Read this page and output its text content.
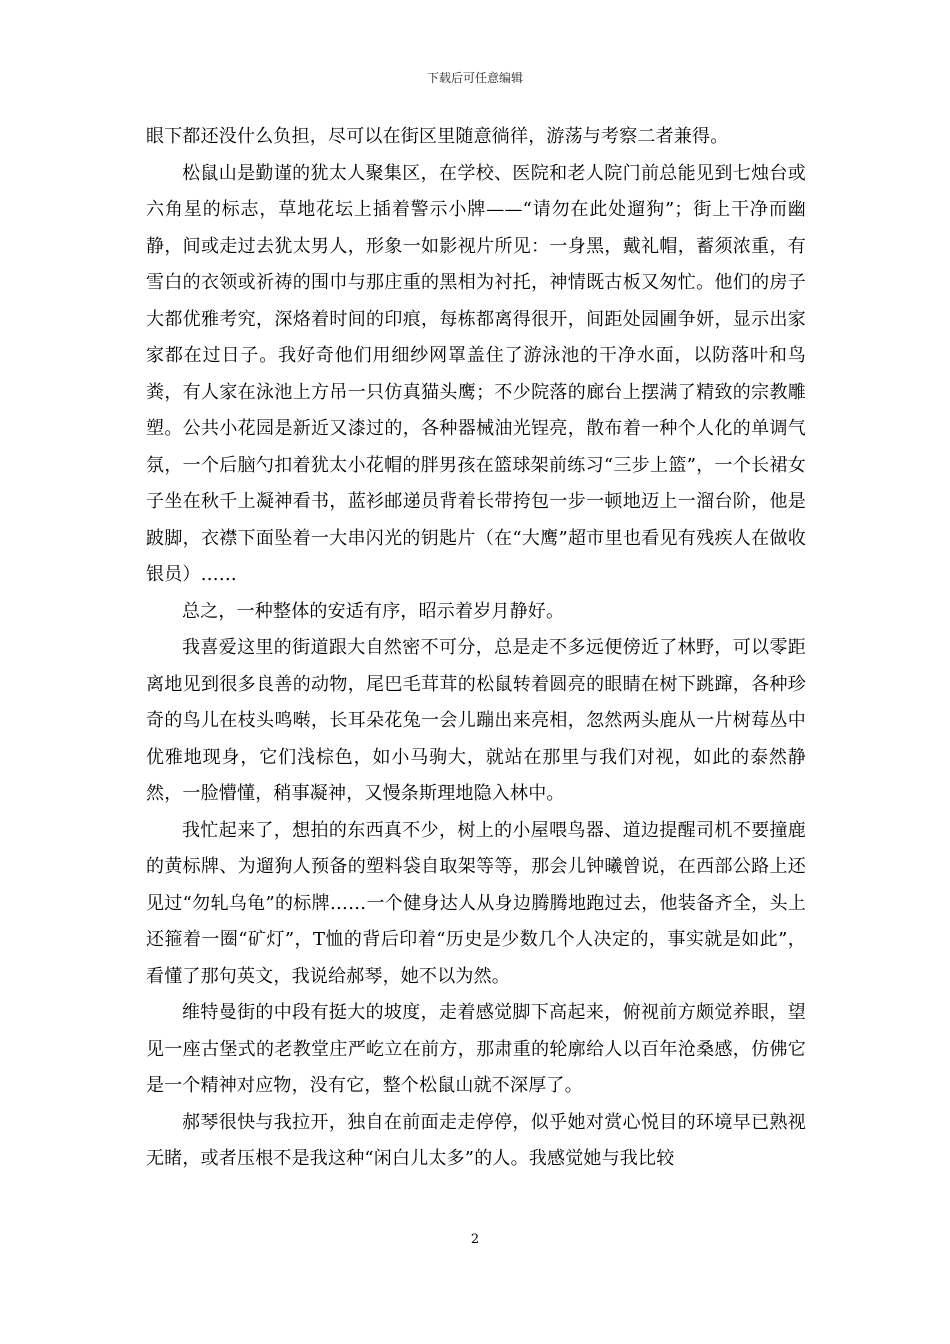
下载后可任意编辑

眼下都还没什么负担，尽可以在街区里随意徜徉，游荡与考察二者兼得。

松鼠山是勤谨的犹太人聚集区，在学校、医院和老人院门前总能见到七烛台或六角星的标志，草地花坛上插着警示小牌——“请勿在此处遛狗”；街上干净而幽静，间或走过去犹太男人，形象一如影视片所见：一身黑，戴礼帽，蓄须浓重，有雪白的衣领或祈祷的围巾与那庄重的黑相为衬托，神情既古板又匆忙。他们的房子大都优雅考究，深烙着时间的印痕，每栋都离得很开，间距处园圃争妍，显示出家家都在过日子。我好奇他们用细纱网罩盖住了游泳池的干净水面，以防落叶和鸟粪，有人家在泳池上方吊一只仿真猫头鹰；不少院落的廊台上摆满了精致的宗教雕塑。公共小花园是新近又漆过的，各种器械油光锃亮，散布着一种个人化的单调气氛，一个后脑勺扣着犹太小花帽的胖男孩在篮球架前练习“三步上篮”，一个长裙女子坐在秋千上凝神看书，蓝衫邮递员背着长带挎包一步一顿地迈上一溜台阶，他是跛脚，衣襟下面坠着一大串闪光的钥匙片（在“大鹰”超市里也看见有残疾人在做收银员）……

总之，一种整体的安适有序，昭示着岁月静好。

我喜爱这里的街道跟大自然密不可分，总是走不多远便傍近了林野，可以零距离地见到很多良善的动物，尾巴毛茸茸的松鼠转着圆亮的眼睛在树下跳蹿，各种珍奇的鸟儿在枝头鸣啭，长耳朵花兔一会儿蹦出来亮相，忽然两头鹿从一片树莓丛中优雅地现身，它们浅棕色，如小马驹大，就站在那里与我们对视，如此的泰然静然，一脸懵懂，稍事凝神，又慢条斯理地隐入林中。

我忙起来了，想拍的东西真不少，树上的小屋喂鸟器、道边提醒司机不要撞鹿的黄标牌、为遛狗人预备的塑料袋自取架等等，那会儿钟曦曾说，在西部公路上还见过“勿轧乌龟”的标牌……一个健身达人从身边腾腾地跑过去，他装备齐全，头上还箍着一圈“矿灯”，T恤的背后印着“历史是少数几个人决定的，事实就是如此”，看懂了那句英文，我说给郝琴，她不以为然。

维特曼街的中段有挺大的坡度，走着感觉脚下高起来，俯视前方颇觉养眼，望见一座古堡式的老教堂庄严屹立在前方，那肃重的轮廓给人以百年沧桑感，仿佛它是一个精神对应物，没有它，整个松鼠山就不深厚了。

郝琴很快与我拉开，独自在前面走走停停，似乎她对赏心悦目的环境早已熟视无睹，或者压根不是我这种“闲白儿太多”的人。我感觉她与我比较

2
